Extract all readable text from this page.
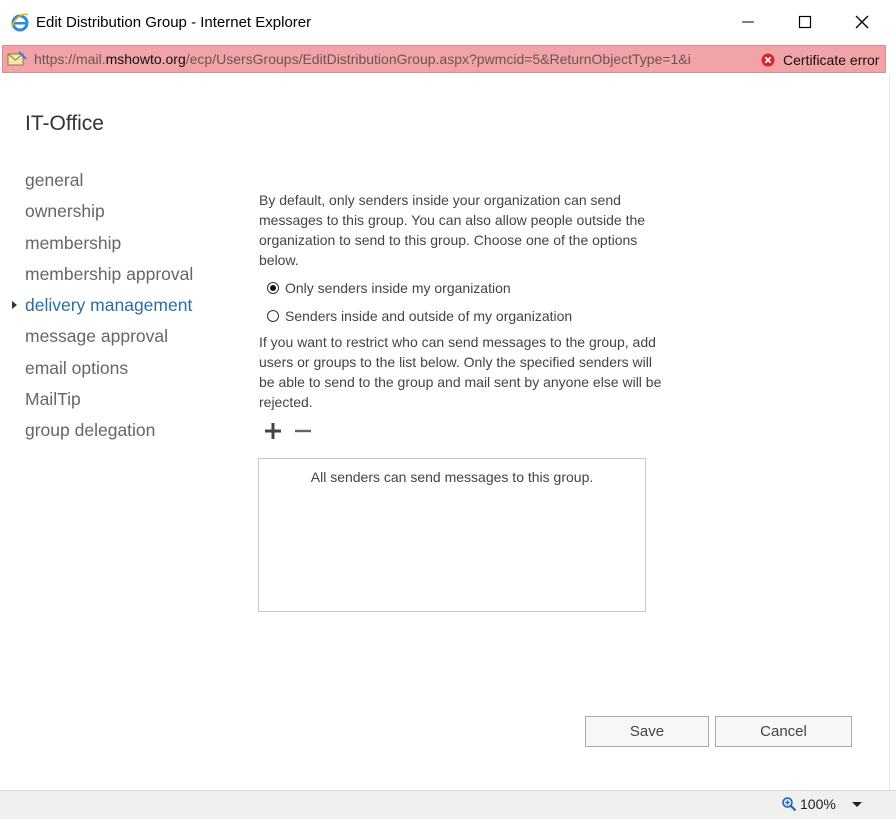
Edit Distribution Group - Internet Explorer
https://mail.mshowto.org/ecp/UsersGroups/EditDistributionGroup.aspx?pwmcid=5&ReturnObjectType=1&i	Certificate error
IT-Office
general
ownership
membership
membership approval
delivery management
message approval
email options
MailTip
group delegation

By default, only senders inside your organization can send messages to this group. You can also allow people outside the organization to send to this group. Choose one of the options below.

Only senders inside my organization
Senders inside and outside of my organization

If you want to restrict who can send messages to the group, add users or groups to the list below. Only the specified senders will be able to send to the group and mail sent by anyone else will be rejected.

All senders can send messages to this group.
Save	Cancel
100%
